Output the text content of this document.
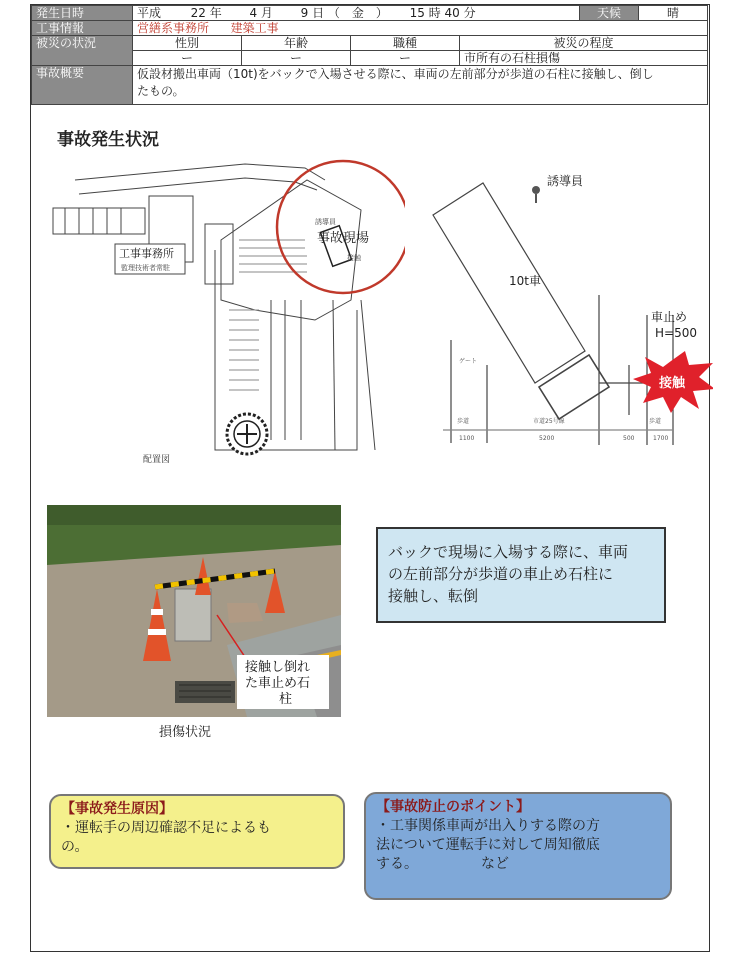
発生日時	平成 22 年 4 月 9 日 （　金　） 15 時 40 分				天候	晴
工事情報	営繕系事務所 建築工事					
被災の状況	性別	年齢	職種	被災の程度		
	ー	ー	ー	市所有の石柱損傷		
事故概要	仮設材搬出車両（10t)をバックで入場させる際に、車両の左前部分が歩道の石柱に接触し、倒し
たもの。					
事故発生状況
工事事務所
監理技術者常駐
事故現場
誘導員
接触
配置図
誘導員
10t車
車止め
H=500
接触
ゲート
歩道	市道25号線	歩道
1100	5200	500	1700
接触し倒れ
た車止め石
柱
損傷状況
バックで現場に入場する際に、車両
の左前部分が歩道の車止め石柱に
接触し、転倒
【事故発生原因】
・運転手の周辺確認不足によるも
の。
【事故防止のポイント】
・工事関係車両が出入りする際の方
法について運転手に対して周知徹底
する。　　　　　など
